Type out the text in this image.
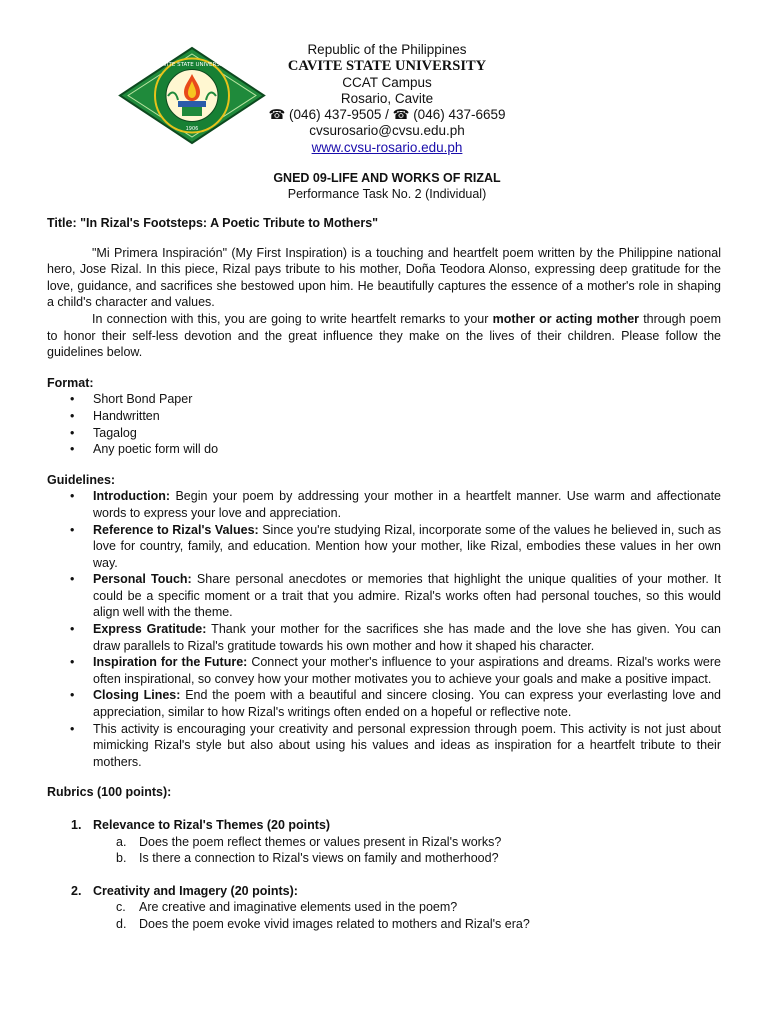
CAVITE STATE UNIVERSITY
1906
Republic of the Philippines
CAVITE STATE UNIVERSITY
CCAT Campus
Rosario, Cavite
☎ (046) 437-9505 / ☎ (046) 437-6659
cvsurosario@cvsu.edu.ph
www.cvsu-rosario.edu.ph
GNED 09-LIFE AND WORKS OF RIZAL
Performance Task No. 2 (Individual)

Title: "In Rizal's Footsteps: A Poetic Tribute to Mothers"

"Mi Primera Inspiración" (My First Inspiration) is a touching and heartfelt poem written by the Philippine national hero, Jose Rizal. In this piece, Rizal pays tribute to his mother, Doña Teodora Alonso, expressing deep gratitude for the love, guidance, and sacrifices she bestowed upon him. He beautifully captures the essence of a mother's role in shaping a child's character and values.

In connection with this, you are going to write heartfelt remarks to your mother or acting mother through poem to honor their self-less devotion and the great influence they make on the lives of their children. Please follow the guidelines below.

Format:

• Short Bond Paper
• Handwritten
• Tagalog
• Any poetic form will do

Guidelines:

• Introduction: Begin your poem by addressing your mother in a heartfelt manner. Use warm and affectionate words to express your love and appreciation.
• Reference to Rizal's Values: Since you're studying Rizal, incorporate some of the values he believed in, such as love for country, family, and education. Mention how your mother, like Rizal, embodies these values in her own way.
• Personal Touch: Share personal anecdotes or memories that highlight the unique qualities of your mother. It could be a specific moment or a trait that you admire. Rizal's works often had personal touches, so this would align well with the theme.
• Express Gratitude: Thank your mother for the sacrifices she has made and the love she has given. You can draw parallels to Rizal's gratitude towards his own mother and how it shaped his character.
• Inspiration for the Future: Connect your mother's influence to your aspirations and dreams. Rizal's works were often inspirational, so convey how your mother motivates you to achieve your goals and make a positive impact.
• Closing Lines: End the poem with a beautiful and sincere closing. You can express your everlasting love and appreciation, similar to how Rizal's writings often ended on a hopeful or reflective note.
• This activity is encouraging your creativity and personal expression through poem. This activity is not just about mimicking Rizal's style but also about using his values and ideas as inspiration for a heartfelt tribute to their mothers.

Rubrics (100 points):

1. Relevance to Rizal's Themes (20 points)
a. Does the poem reflect themes or values present in Rizal's works?
b. Is there a connection to Rizal's views on family and motherhood?
2. Creativity and Imagery (20 points):
c. Are creative and imaginative elements used in the poem?
d. Does the poem evoke vivid images related to mothers and Rizal's era?
